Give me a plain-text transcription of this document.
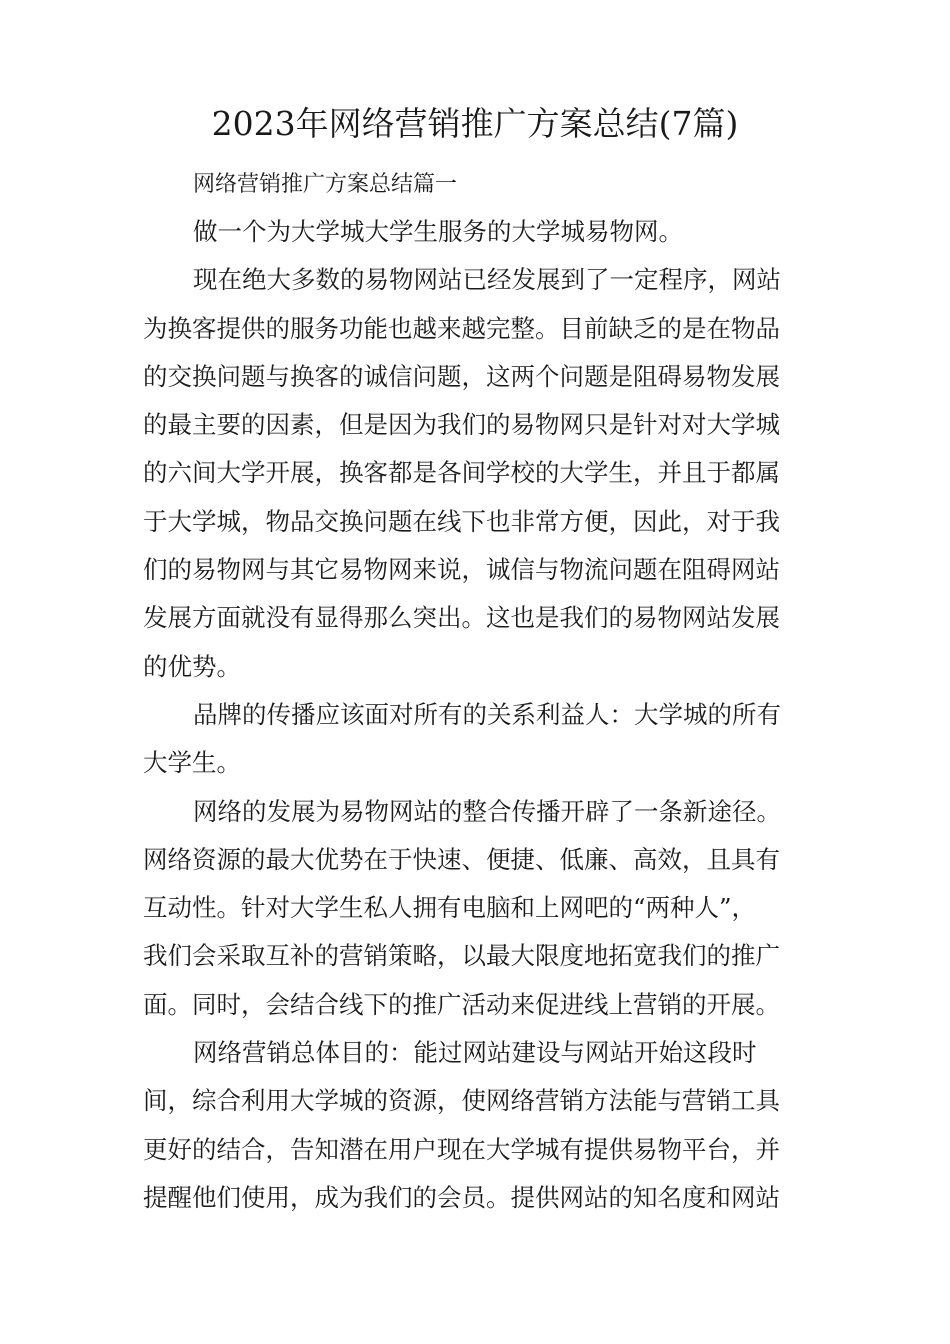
2023年网络营销推广方案总结(7篇)

网络营销推广方案总结篇一

做一个为大学城大学生服务的大学城易物网。

现在绝大多数的易物网站已经发展到了一定程序，网站
为换客提供的服务功能也越来越完整。目前缺乏的是在物品
的交换问题与换客的诚信问题，这两个问题是阻碍易物发展
的最主要的因素，但是因为我们的易物网只是针对对大学城
的六间大学开展，换客都是各间学校的大学生，并且于都属
于大学城，物品交换问题在线下也非常方便，因此，对于我
们的易物网与其它易物网来说，诚信与物流问题在阻碍网站
发展方面就没有显得那么突出。这也是我们的易物网站发展
的优势。

品牌的传播应该面对所有的关系利益人：大学城的所有
大学生。

网络的发展为易物网站的整合传播开辟了一条新途径。
网络资源的最大优势在于快速、便捷、低廉、高效，且具有
互动性。针对大学生私人拥有电脑和上网吧的“两种人”，
我们会采取互补的营销策略，以最大限度地拓宽我们的推广
面。同时，会结合线下的推广活动来促进线上营销的开展。

网络营销总体目的：能过网站建设与网站开始这段时
间，综合利用大学城的资源，使网络营销方法能与营销工具
更好的结合，告知潜在用户现在大学城有提供易物平台，并
提醒他们使用，成为我们的会员。提供网站的知名度和网站
